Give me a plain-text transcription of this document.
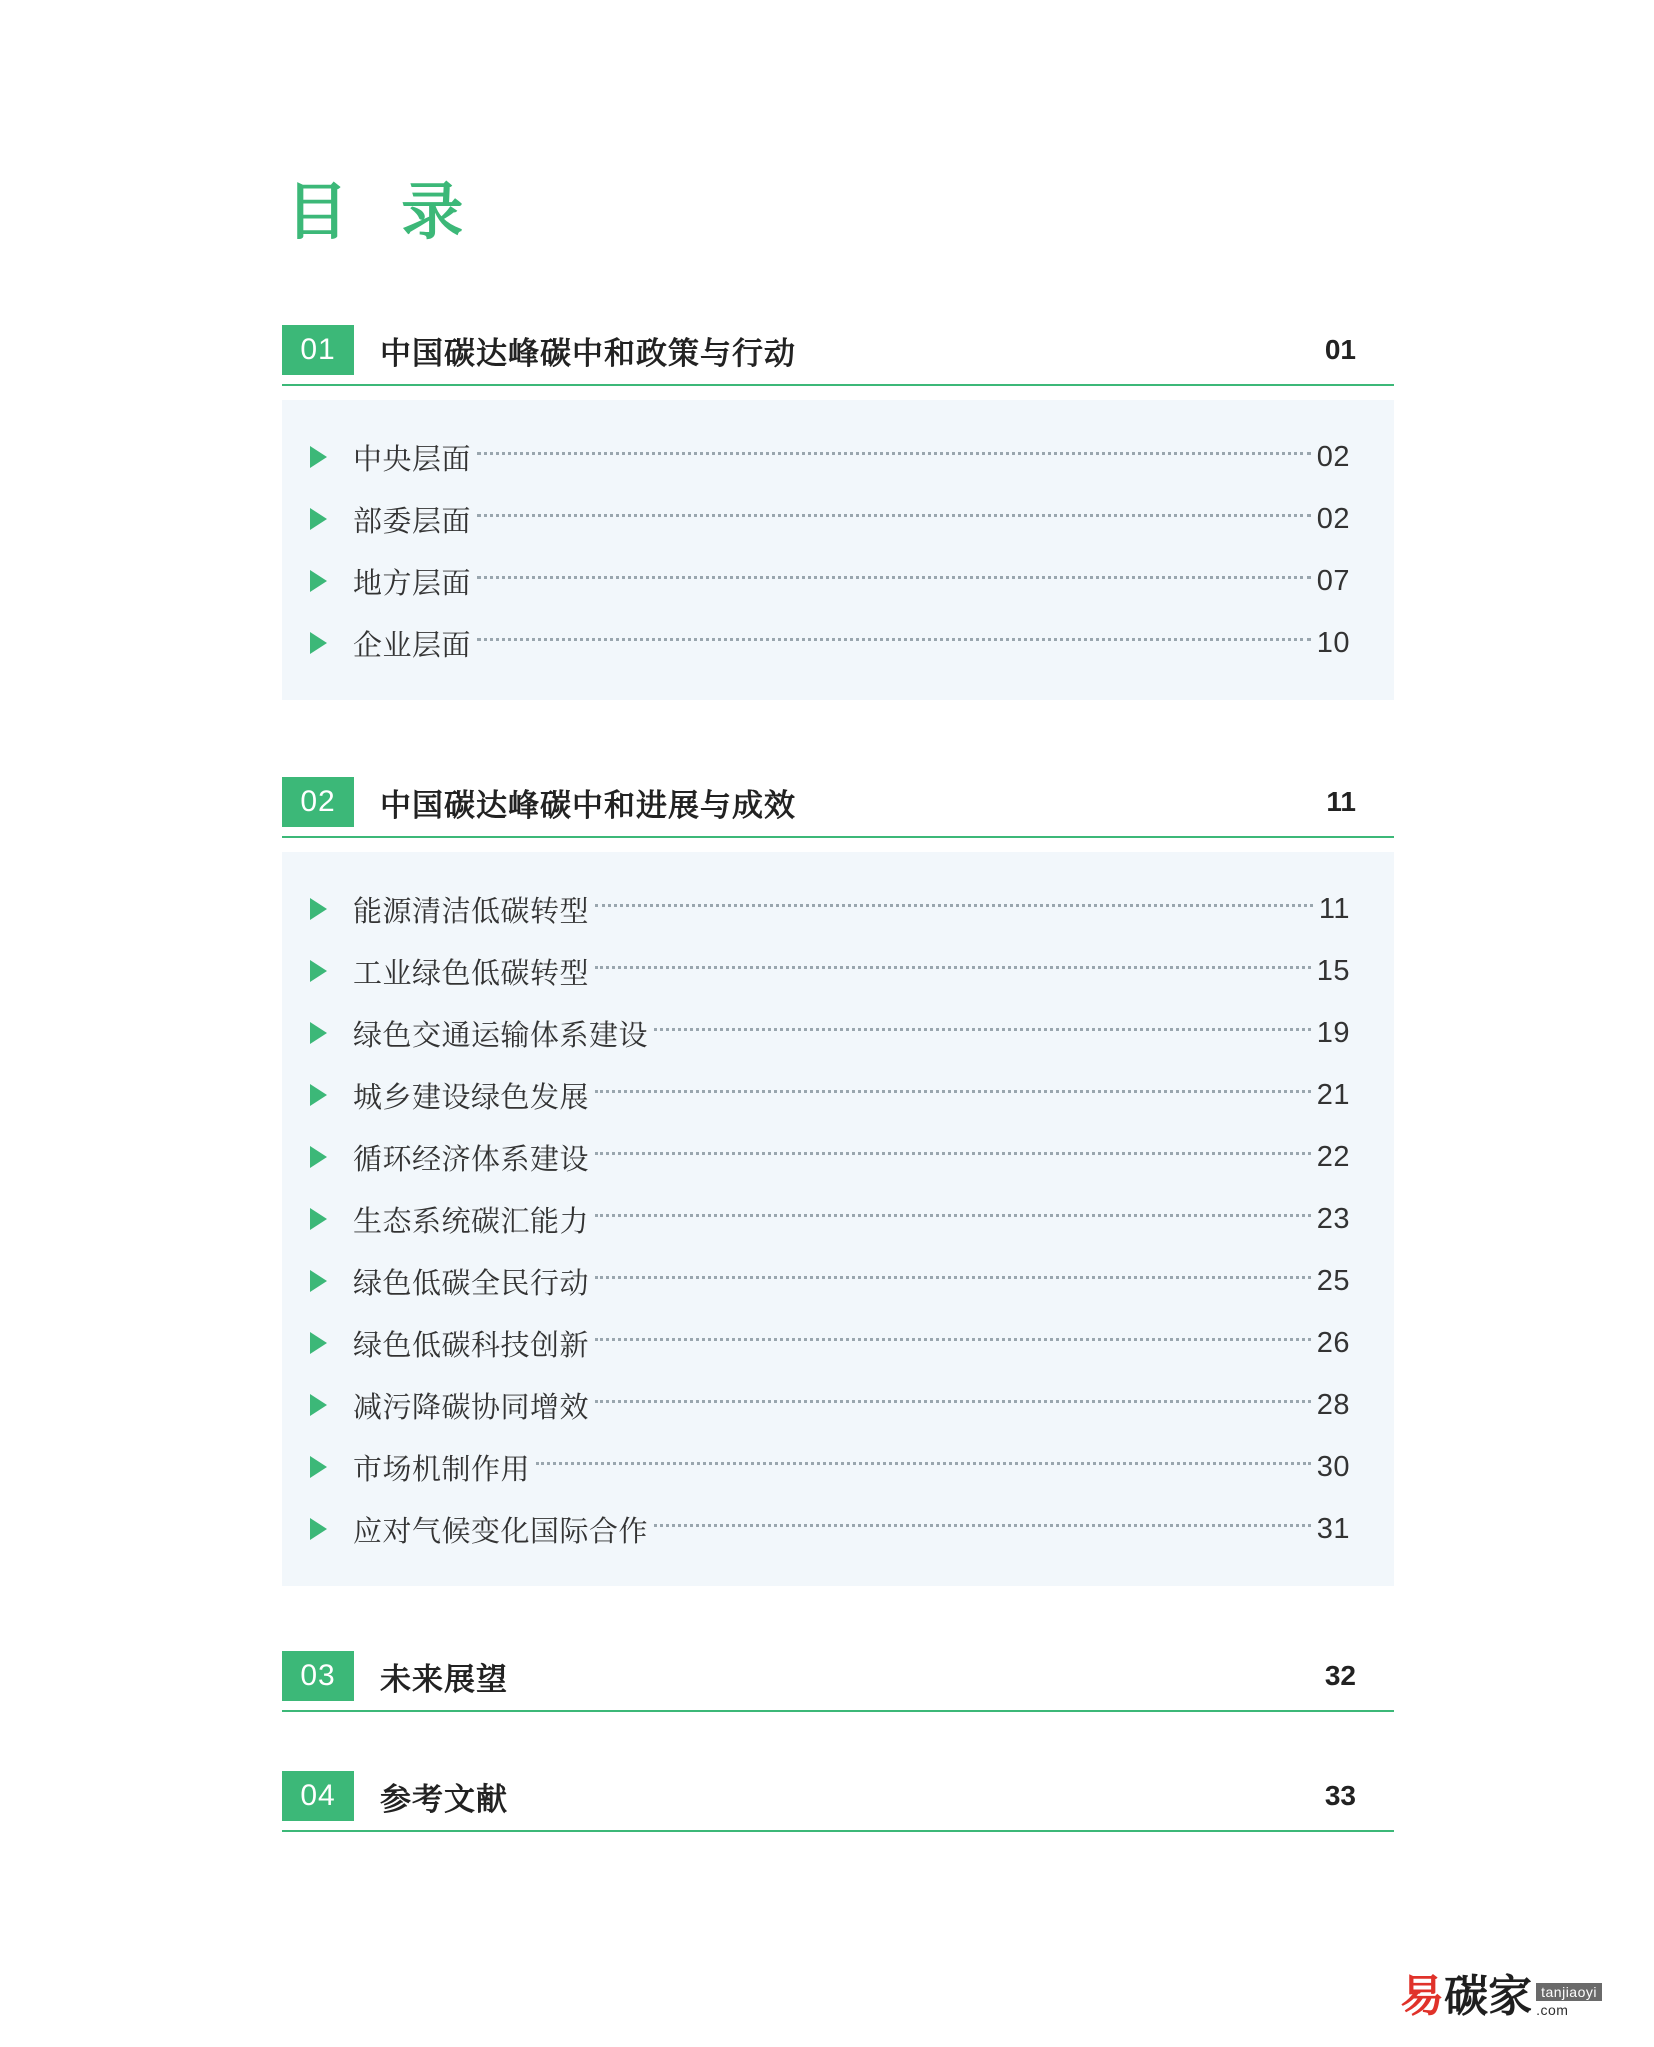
目 录
01	中国碳达峰碳中和政策与行动	01
中央层面	02
部委层面	02
地方层面	07
企业层面	10
02	中国碳达峰碳中和进展与成效	11
能源清洁低碳转型	11
工业绿色低碳转型	15
绿色交通运输体系建设	19
城乡建设绿色发展	21
循环经济体系建设	22
生态系统碳汇能力	23
绿色低碳全民行动	25
绿色低碳科技创新	26
减污降碳协同增效	28
市场机制作用	30
应对气候变化国际合作	31
03	未来展望	32
04	参考文献	33
易 碳 家 tanjiaoyi
.com
